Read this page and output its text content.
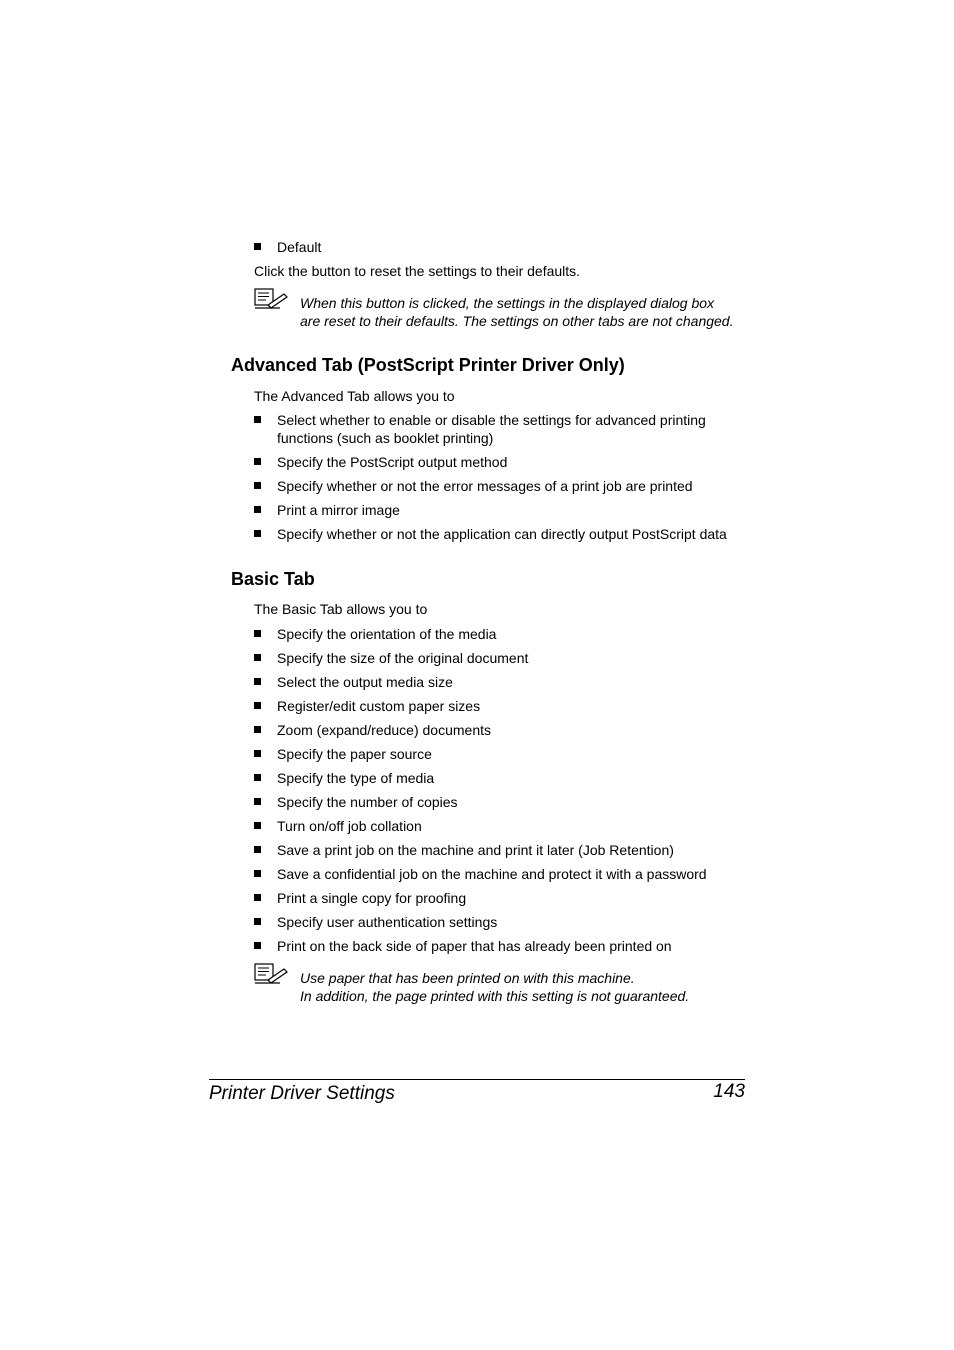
Default
Click the button to reset the settings to their defaults.
When this button is clicked, the settings in the displayed dialog box
are reset to their defaults. The settings on other tabs are not changed.
Advanced Tab (PostScript Printer Driver Only)
The Advanced Tab allows you to
Select whether to enable or disable the settings for advanced printing
functions (such as booklet printing)
Specify the PostScript output method
Specify whether or not the error messages of a print job are printed
Print a mirror image
Specify whether or not the application can directly output PostScript data
Basic Tab
The Basic Tab allows you to
Specify the orientation of the media
Specify the size of the original document
Select the output media size
Register/edit custom paper sizes
Zoom (expand/reduce) documents
Specify the paper source
Specify the type of media
Specify the number of copies
Turn on/off job collation
Save a print job on the machine and print it later (Job Retention)
Save a confidential job on the machine and protect it with a password
Print a single copy for proofing
Specify user authentication settings
Print on the back side of paper that has already been printed on
Use paper that has been printed on with this machine.
In addition, the page printed with this setting is not guaranteed.
Printer Driver Settings	143
